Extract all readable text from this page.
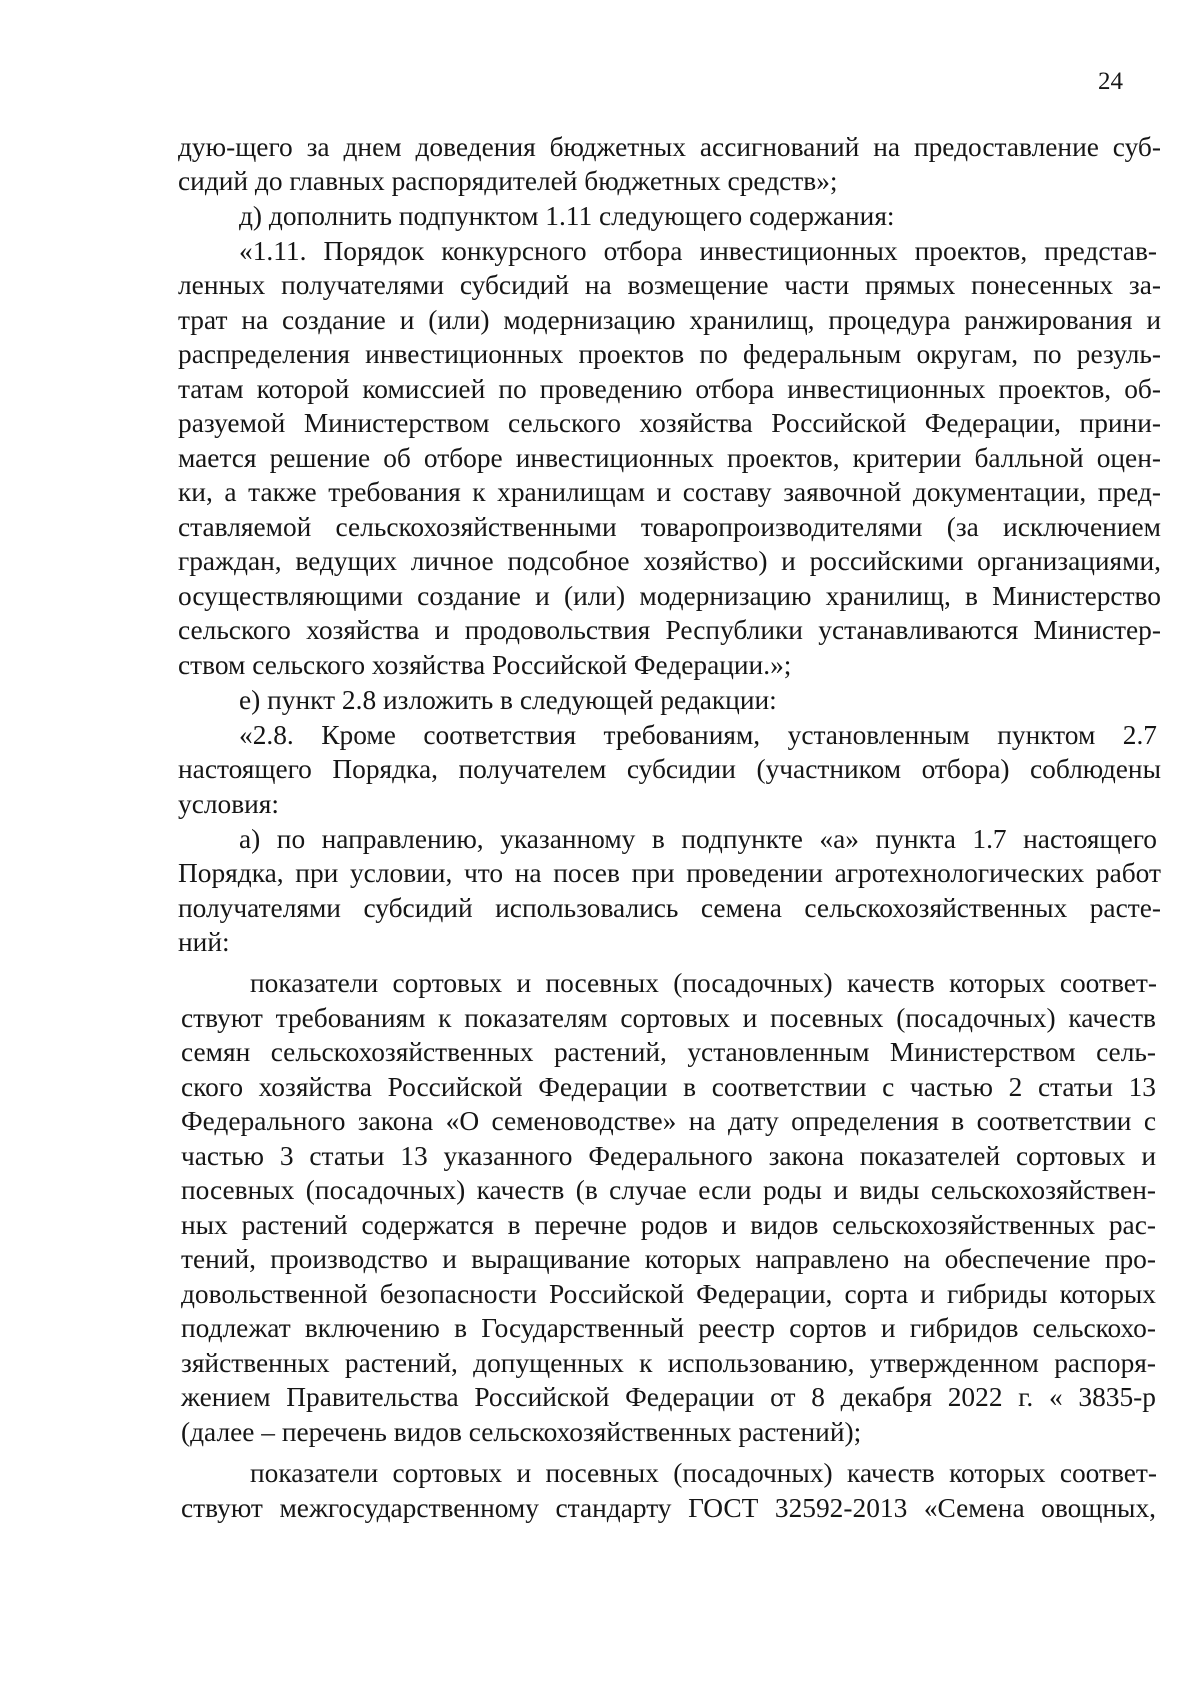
24

дую-щего за днем доведения бюджетных ассигнований на предоставление суб-

сидий до главных распорядителей бюджетных средств»;

д) дополнить подпунктом 1.11 следующего содержания:

«1.11. Порядок конкурсного отбора инвестиционных проектов, представ-

ленных получателями субсидий на возмещение части прямых понесенных за-

трат на создание и (или) модернизацию хранилищ, процедура ранжирования и

распределения инвестиционных проектов по федеральным округам, по резуль-

татам которой комиссией по проведению отбора инвестиционных проектов, об-

разуемой Министерством сельского хозяйства Российской Федерации, прини-

мается решение об отборе инвестиционных проектов, критерии балльной оцен-

ки, а также требования к хранилищам и составу заявочной документации, пред-

ставляемой сельскохозяйственными товаропроизводителями (за исключением

граждан, ведущих личное подсобное хозяйство) и российскими организациями,

осуществляющими создание и (или) модернизацию хранилищ, в Министерство

сельского хозяйства и продовольствия Республики устанавливаются Министер-

ством сельского хозяйства Российской Федерации.»;

е) пункт 2.8 изложить в следующей редакции:

«2.8. Кроме соответствия требованиям, установленным пунктом 2.7

настоящего Порядка, получателем субсидии (участником отбора) соблюдены

условия:

а) по направлению, указанному в подпункте «а» пункта 1.7 настоящего

Порядка, при условии, что на посев при проведении агротехнологических работ

получателями субсидий использовались семена сельскохозяйственных расте-

ний:

показатели сортовых и посевных (посадочных) качеств которых соответ-

ствуют требованиям к показателям сортовых и посевных (посадочных) качеств

семян сельскохозяйственных растений, установленным Министерством сель-

ского хозяйства Российской Федерации в соответствии с частью 2 статьи 13

Федерального закона «О семеноводстве» на дату определения в соответствии с

частью 3 статьи 13 указанного Федерального закона показателей сортовых и

посевных (посадочных) качеств (в случае если роды и виды сельскохозяйствен-

ных растений содержатся в перечне родов и видов сельскохозяйственных рас-

тений, производство и выращивание которых направлено на обеспечение про-

довольственной безопасности Российской Федерации, сорта и гибриды которых

подлежат включению в Государственный реестр сортов и гибридов сельскохо-

зяйственных растений, допущенных к использованию, утвержденном распоря-

жением Правительства Российской Федерации от 8 декабря 2022 г. « 3835-р

(далее – перечень видов сельскохозяйственных растений);

показатели сортовых и посевных (посадочных) качеств которых соответ-

ствуют межгосударственному стандарту ГОСТ 32592-2013 «Семена овощных,
